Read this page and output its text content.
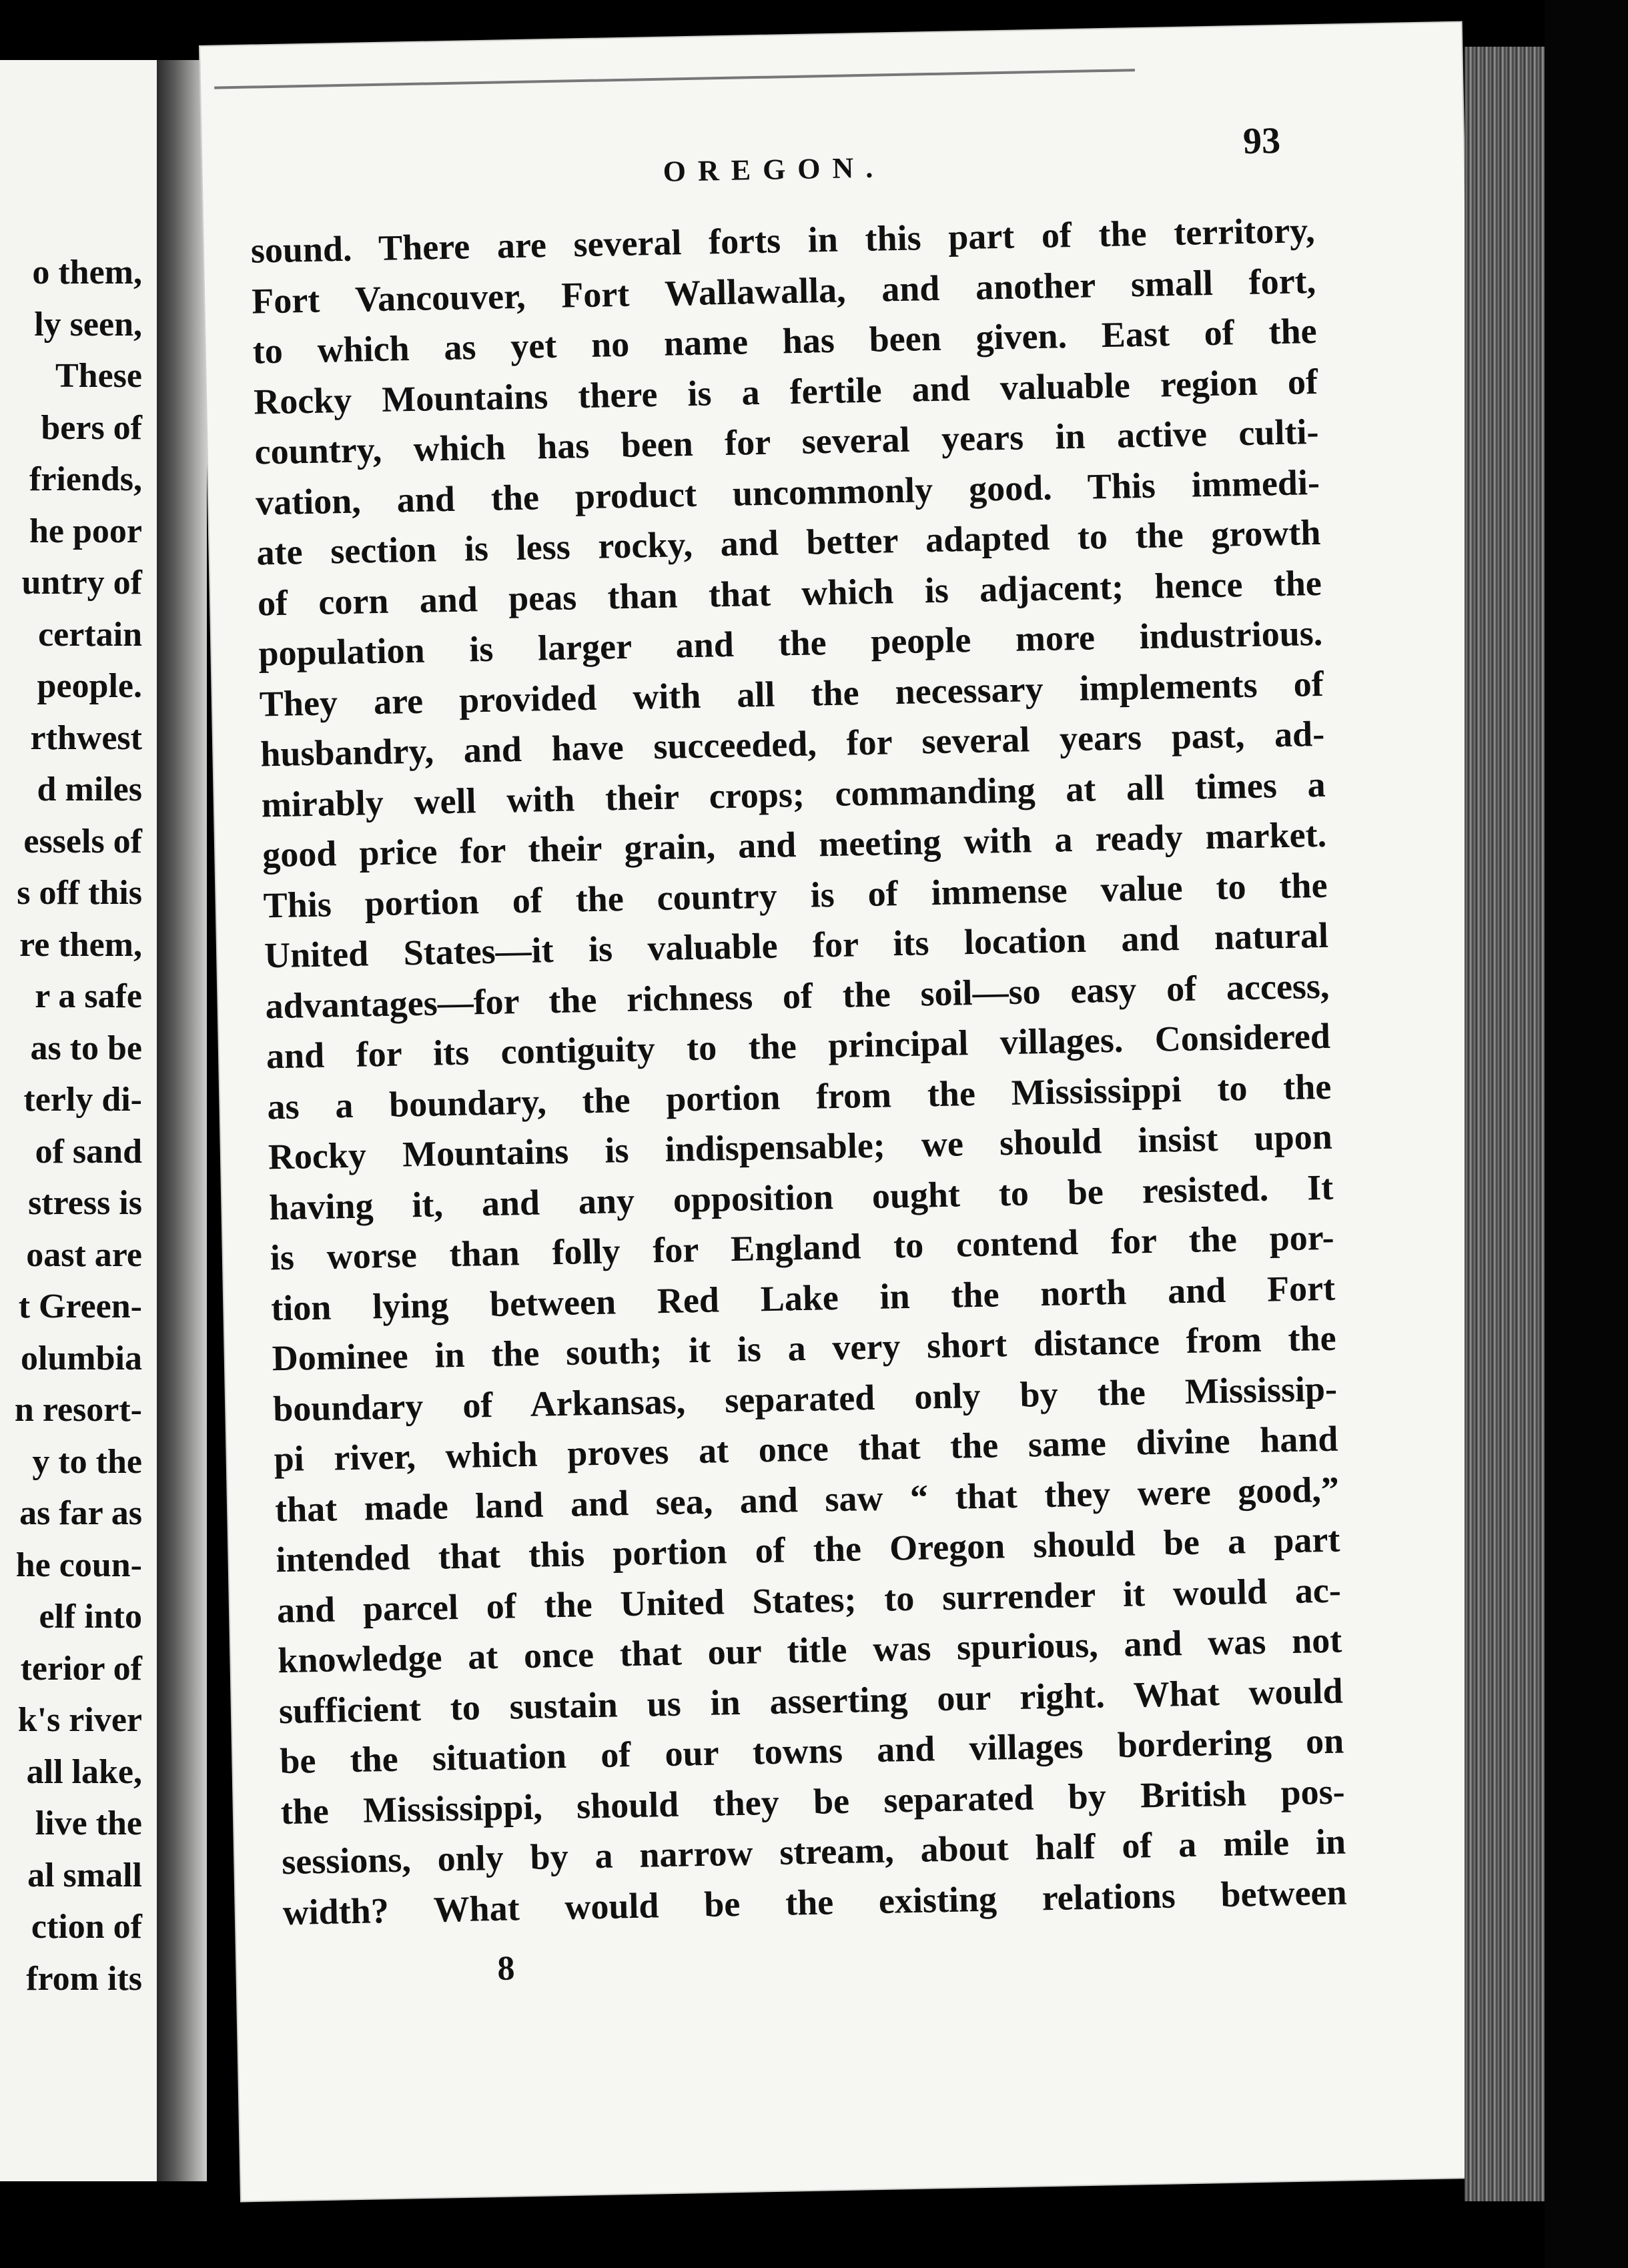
o them,
ly seen,
These
bers of
friends,
he poor
untry of
certain
people.
rthwest
d miles
essels of
s off this
re them,
r a safe
as to be
terly di-
of sand
stress is
oast are
t Green-
olumbia
n resort-
y to the
as far as
he coun-
elf into
terior of
k's river
all lake,
live the
al small
ction of
from its
OREGON.
93
sound. There are several forts in this part of the territory,
Fort Vancouver, Fort Wallawalla, and another small fort,
to which as yet no name has been given. East of the
Rocky Mountains there is a fertile and valuable region of
country, which has been for several years in active culti-
vation, and the product uncommonly good. This immedi-
ate section is less rocky, and better adapted to the growth
of corn and peas than that which is adjacent; hence the
population is larger and the people more industrious.
They are provided with all the necessary implements of
husbandry, and have succeeded, for several years past, ad-
mirably well with their crops; commanding at all times a
good price for their grain, and meeting with a ready market.
This portion of the country is of immense value to the
United States—it is valuable for its location and natural
advantages—for the richness of the soil—so easy of access,
and for its contiguity to the principal villages. Considered
as a boundary, the portion from the Mississippi to the
Rocky Mountains is indispensable; we should insist upon
having it, and any opposition ought to be resisted. It
is worse than folly for England to contend for the por-
tion lying between Red Lake in the north and Fort
Dominee in the south; it is a very short distance from the
boundary of Arkansas, separated only by the Mississip-
pi river, which proves at once that the same divine hand
that made land and sea, and saw “ that they were good,”
intended that this portion of the Oregon should be a part
and parcel of the United States; to surrender it would ac-
knowledge at once that our title was spurious, and was not
sufficient to sustain us in asserting our right. What would
be the situation of our towns and villages bordering on
the Mississippi, should they be separated by British pos-
sessions, only by a narrow stream, about half of a mile in
width? What would be the existing relations between
8
